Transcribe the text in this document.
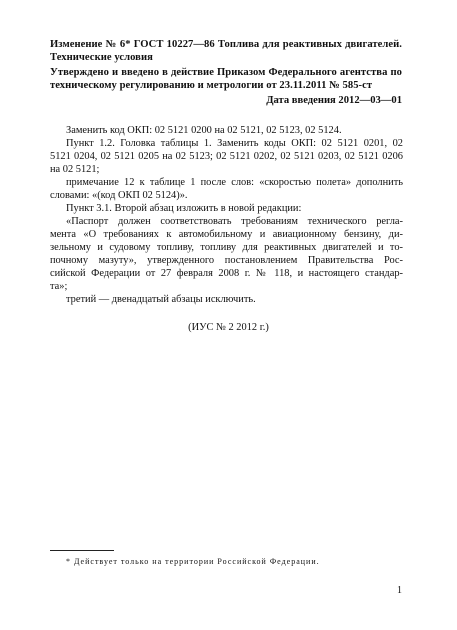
Изменение № 6* ГОСТ 10227—86 Топлива для реактивных двигателей.
Технические условия
Утверждено и введено в действие Приказом Федерального агентства по
техническому регулированию и метрологии от 23.11.2011 № 585-ст
Дата введения 2012—03—01
Заменить код ОКП: 02 5121 0200 на 02 5121, 02 5123, 02 5124.
Пункт 1.2. Головка таблицы 1. Заменить коды ОКП: 02 5121 0201, 02
5121 0204, 02 5121 0205 на 02 5123; 02 5121 0202, 02 5121 0203, 02 5121 0206
на 02 5121;
примечание 12 к таблице 1 после слов: «скоростью полета» дополнить
словами: «(код ОКП 02 5124)».
Пункт 3.1. Второй абзац изложить в новой редакции:
«Паспорт должен соответствовать требованиям технического регла-
мента «О требованиях к автомобильному и авиационному бензину, ди-
зельному и судовому топливу, топливу для реактивных двигателей и то-
почному мазуту», утвержденного постановлением Правительства Рос-
сийской Федерации от 27 февраля 2008 г. № 118, и настоящего стандар-
та»;
третий — двенадцатый абзацы исключить.
(ИУС № 2 2012 г.)
* Действует только на территории Российской Федерации.
1
